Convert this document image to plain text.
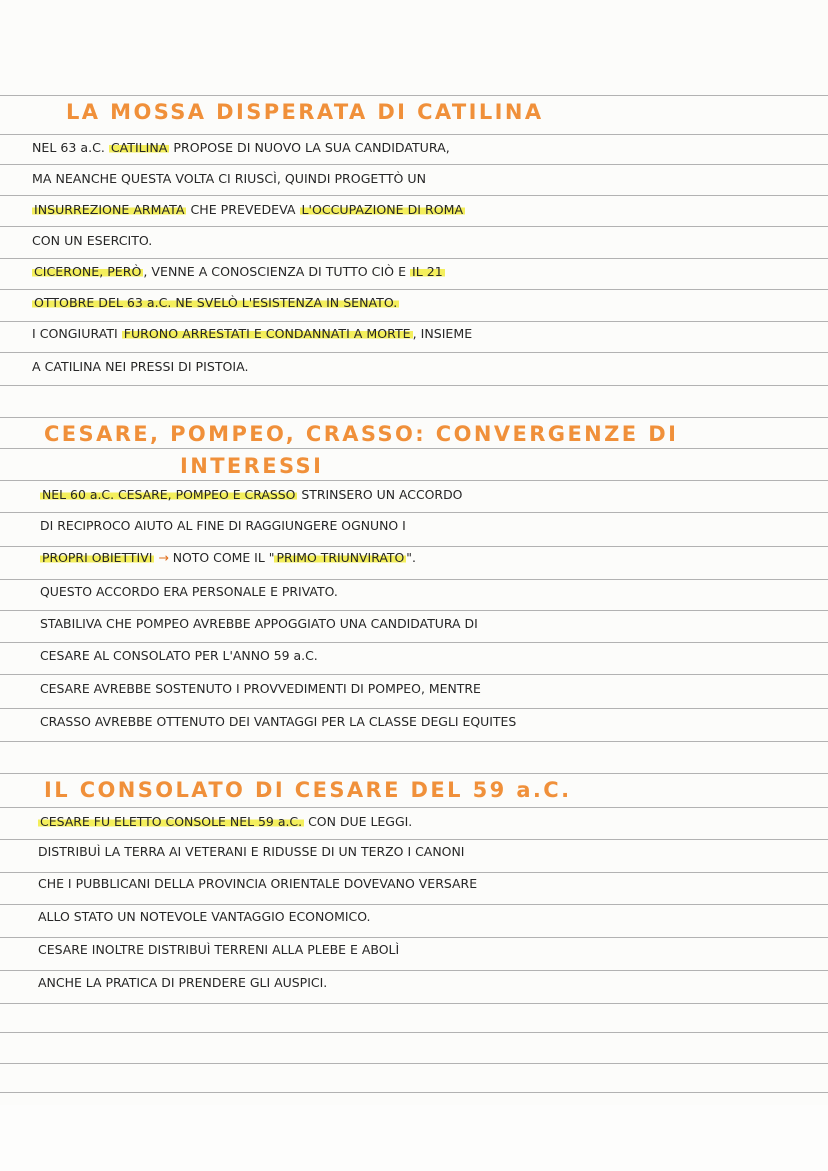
LA MOSSA DISPERATA DI CATILINA
NEL 63 a.C. CATILINA PROPOSE DI NUOVO LA SUA CANDIDATURA,
MA NEANCHE QUESTA VOLTA CI RIUSCÌ, QUINDI PROGETTÒ UN
INSURREZIONE ARMATA CHE PREVEDEVA L'OCCUPAZIONE DI ROMA
CON UN ESERCITO.
CICERONE, PERÒ , VENNE A CONOSCIENZA DI TUTTO CIÒ E IL 21
OTTOBRE DEL 63 a.C. NE SVELÒ L'ESISTENZA IN SENATO.
I CONGIURATI FURONO ARRESTATI E CONDANNATI A MORTE , INSIEME
A CATILINA NEI PRESSI DI PISTOIA.
CESARE, POMPEO, CRASSO: CONVERGENZE DI
INTERESSI
NEL 60 a.C. CESARE, POMPEO E CRASSO STRINSERO UN ACCORDO
DI RECIPROCO AIUTO AL FINE DI RAGGIUNGERE OGNUNO I
PROPRI OBIETTIVI → NOTO COME IL " PRIMO TRIUNVIRATO ".
QUESTO ACCORDO ERA PERSONALE E PRIVATO.
STABILIVA CHE POMPEO AVREBBE APPOGGIATO UNA CANDIDATURA DI
CESARE AL CONSOLATO PER L'ANNO 59 a.C.
CESARE AVREBBE SOSTENUTO I PROVVEDIMENTI DI POMPEO, MENTRE
CRASSO AVREBBE OTTENUTO DEI VANTAGGI PER LA CLASSE DEGLI EQUITES
IL CONSOLATO DI CESARE DEL 59 a.C.
CESARE FU ELETTO CONSOLE NEL 59 a.C. CON DUE LEGGI.
DISTRIBUÌ LA TERRA AI VETERANI E RIDUSSE DI UN TERZO I CANONI
CHE I PUBBLICANI DELLA PROVINCIA ORIENTALE DOVEVANO VERSARE
ALLO STATO UN NOTEVOLE VANTAGGIO ECONOMICO.
CESARE INOLTRE DISTRIBUÌ TERRENI ALLA PLEBE E ABOLÌ
ANCHE LA PRATICA DI PRENDERE GLI AUSPICI.
